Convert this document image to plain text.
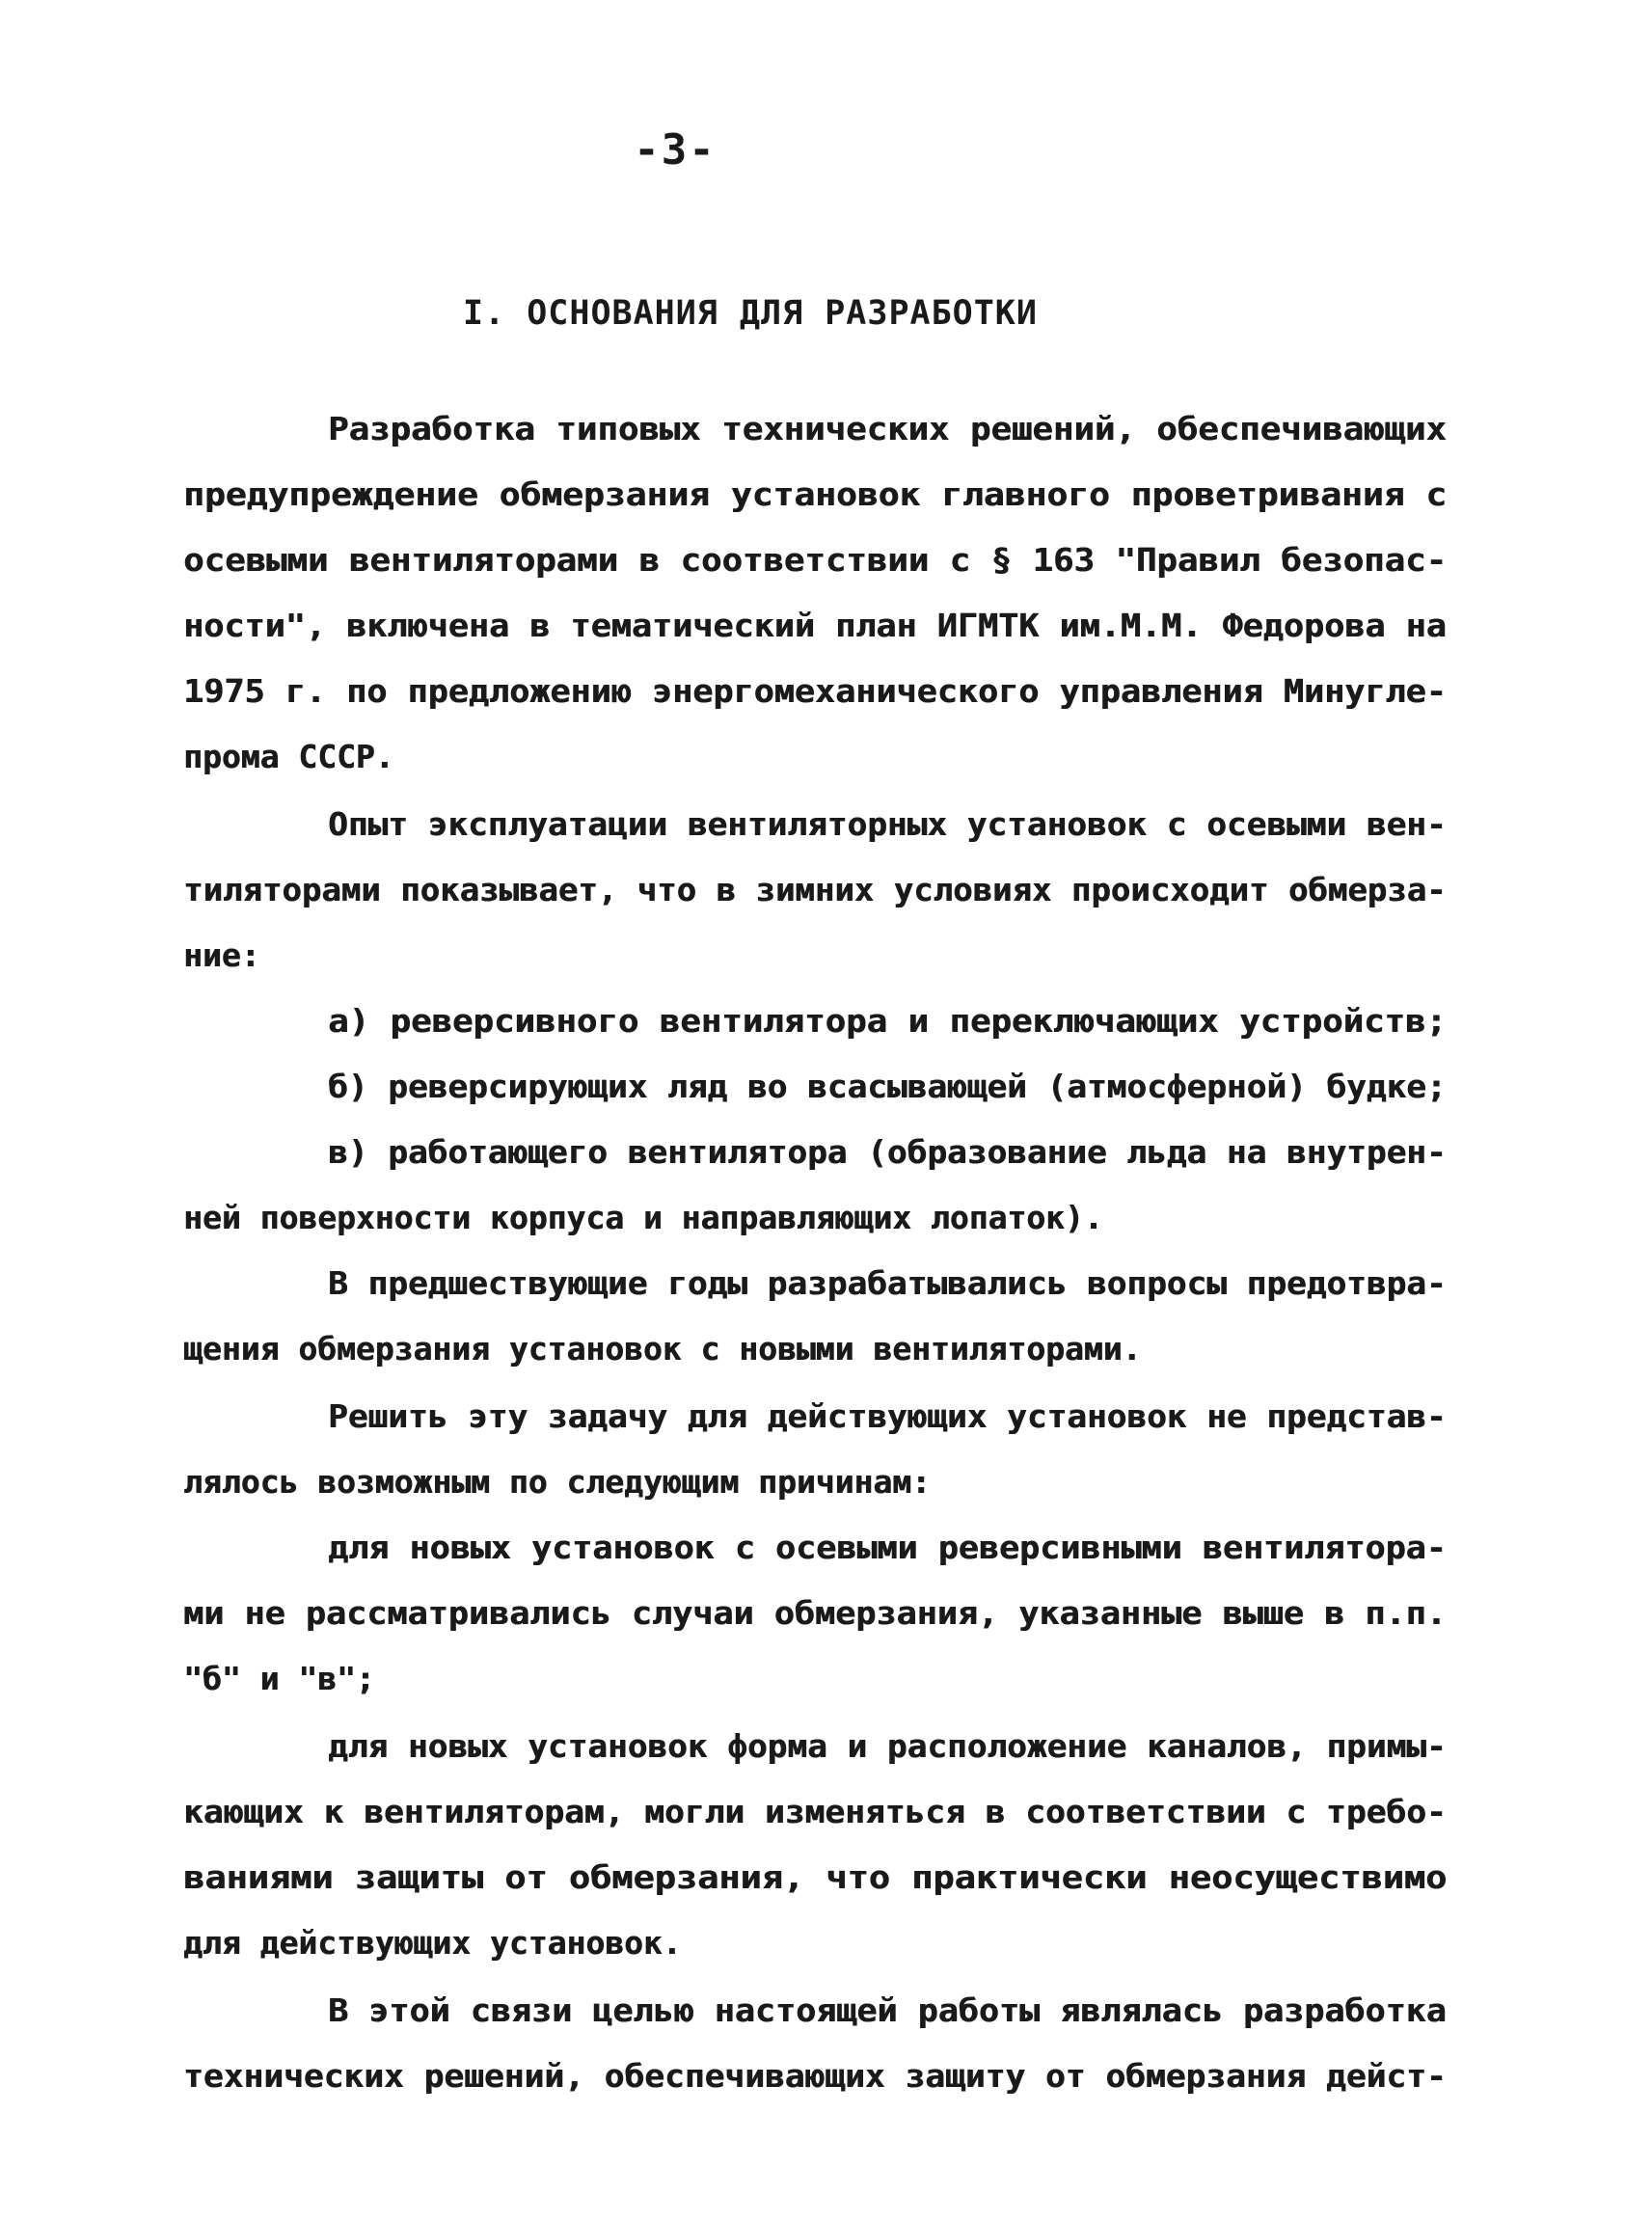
-3-
I. ОСНОВАНИЯ ДЛЯ РАЗРАБОТКИ
Разработка типовых технических решений, обеспечивающих
предупреждение обмерзания установок главного проветривания с
осевыми вентиляторами в соответствии с § 163 "Правил безопас-
ности", включена в тематический план ИГМТК им.М.М. Федорова на
1975 г. по предложению энергомеханического управления Минуглe-
прома СССР.
Опыт эксплуатации вентиляторных установок с осевыми вен-
тиляторами показывает, что в зимних условиях происходит обмерза-
ние:
а) реверсивного вентилятора и переключающих устройств;
б) реверсирующих ляд во всасывающей (атмосферной) будке;
в) работающего вентилятора (образование льда на внутрен-
ней поверхности корпуса и направляющих лопаток).
В предшествующие годы разрабатывались вопросы предотвра-
щения обмерзания установок с новыми вентиляторами.
Решить эту задачу для действующих установок не представ-
лялось возможным по следующим причинам:
для новых установок с осевыми реверсивными вентилятора-
ми не рассматривались случаи обмерзания, указанные выше в п.п.
"б" и "в";
для новых установок форма и расположение каналов, примы-
кающих к вентиляторам, могли изменяться в соответствии с требо-
ваниями защиты от обмерзания, что практически неосуществимо
для действующих установок.
В этой связи целью настоящей работы являлась разработка
технических решений, обеспечивающих защиту от обмерзания дейст-
